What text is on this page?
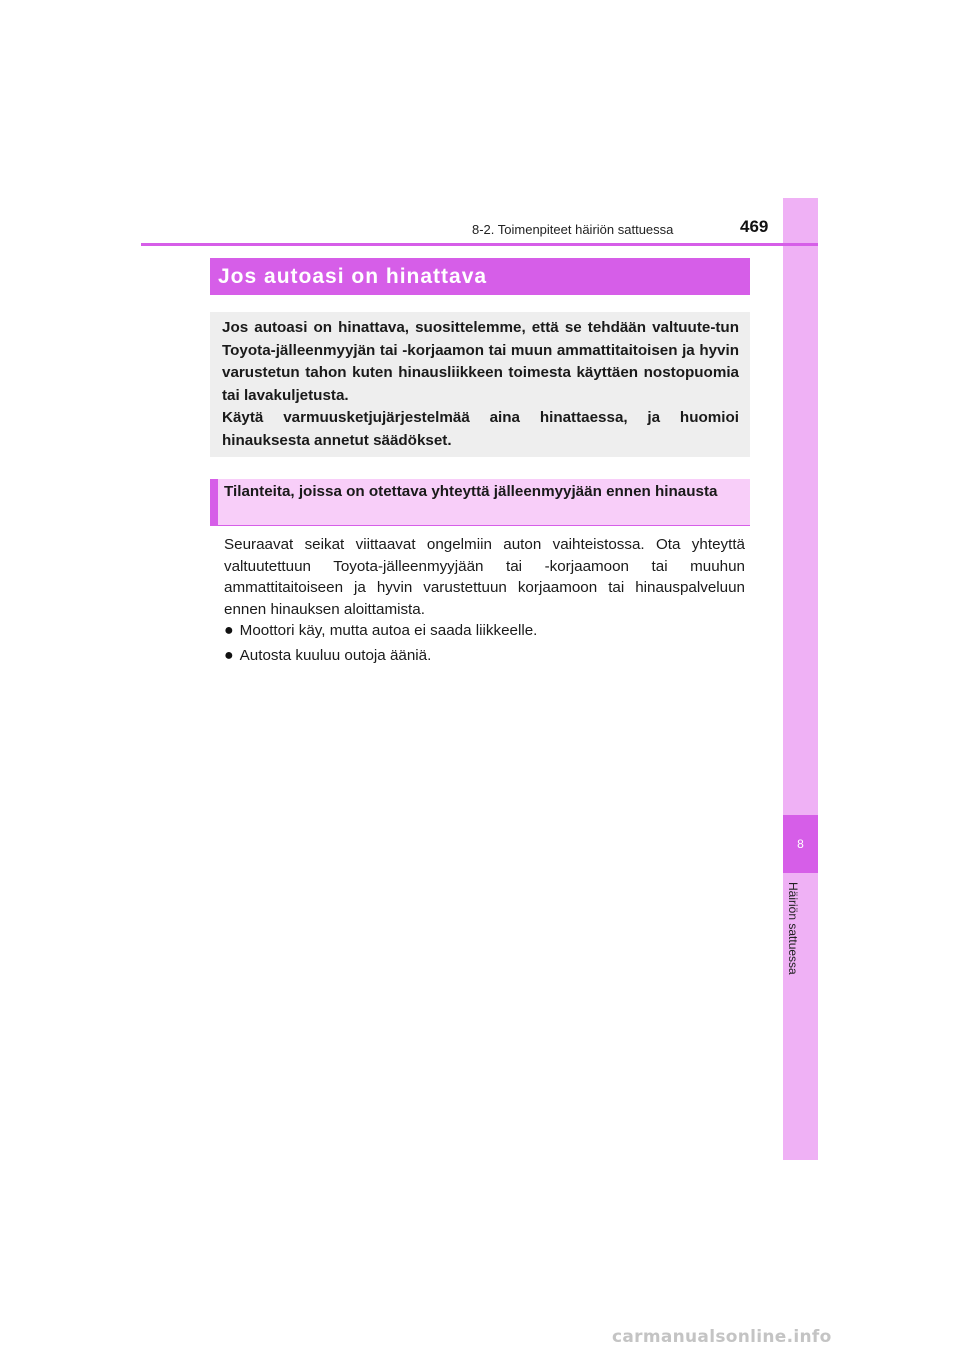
8
Häiriön sattuessa
8-2. Toimenpiteet häiriön sattuessa	469
Jos autoasi on hinattava

Jos autoasi on hinattava, suosittelemme, että se tehdään valtuute-tun Toyota-jälleenmyyjän tai -korjaamon tai muun ammattitaitoisen ja hyvin varustetun tahon kuten hinausliikkeen toimesta käyttäen nostopuomia tai lavakuljetusta.

Käytä varmuusketjujärjestelmää aina hinattaessa, ja huomioi hinauksesta annetut säädökset.

Tilanteita, joissa on otettava yhteyttä jälleenmyyjään ennen hinausta

Seuraavat seikat viittaavat ongelmiin auton vaihteistossa. Ota yhteyttä valtuutettuun Toyota-jälleenmyyjään tai -korjaamoon tai muuhun ammattitaitoiseen ja hyvin varustettuun korjaamoon tai hinauspalveluun ennen hinauksen aloittamista.

● Moottori käy, mutta autoa ei saada liikkeelle.
● Autosta kuuluu outoja ääniä.
carmanualsonline.info
